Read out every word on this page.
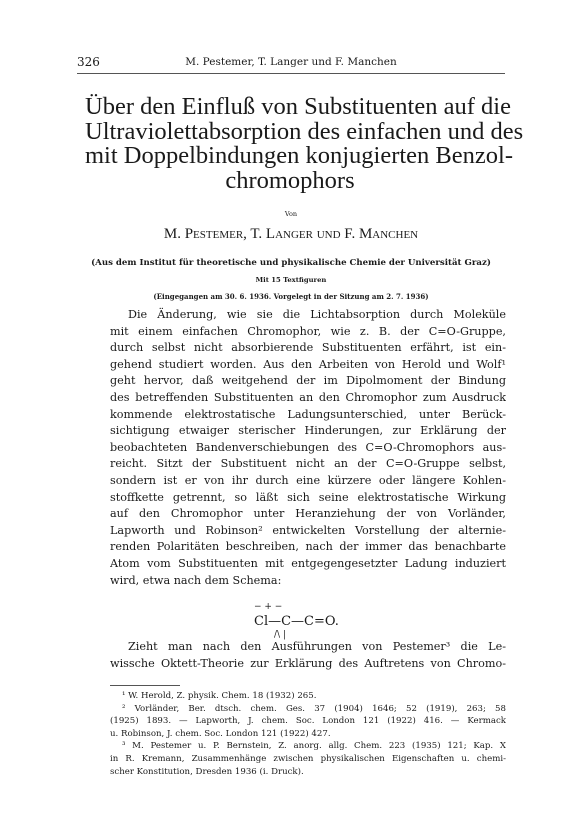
326	M. Pestemer, T. Langer und F. Manchen
Über den Einfluß von Substituenten auf die
Ultraviolettabsorption des einfachen und des
mit Doppelbindungen konjugierten Benzol-
chromophors
Von
M. Pestemer, T. Langer und F. Manchen
(Aus dem Institut für theoretische und physikalische Chemie der Universität Graz)
Mit 15 Textfiguren
(Eingegangen am 30. 6. 1936. Vorgelegt in der Sitzung am 2. 7. 1936)
Die Änderung, wie sie die Lichtabsorption durch Moleküle
mit einem einfachen Chromophor, wie z. B. der C=O-Gruppe,
durch selbst nicht absorbierende Substituenten erfährt, ist ein-
gehend studiert worden. Aus den Arbeiten von Herold und Wolf¹
geht hervor, daß weitgehend der im Dipolmoment der Bindung
des betreffenden Substituenten an den Chromophor zum Ausdruck
kommende elektrostatische Ladungsunterschied, unter Berück-
sichtigung etwaiger sterischer Hinderungen, zur Erklärung der
beobachteten Bandenverschiebungen des C=O-Chromophors aus-
reicht. Sitzt der Substituent nicht an der C=O-Gruppe selbst,
sondern ist er von ihr durch eine kürzere oder längere Kohlen-
stoffkette getrennt, so läßt sich seine elektrostatische Wirkung
auf den Chromophor unter Heranziehung der von Vorländer,
Lapworth und Robinson² entwickelten Vorstellung der alternie-
renden Polaritäten beschreiben, nach der immer das benachbarte
Atom vom Substituenten mit entgegengesetzter Ladung induziert
wird, etwa nach dem Schema:
− + −
Cl—C—C=O.
/\ |
Zieht man nach den Ausführungen von Pestemer³ die Le-
wissche Oktett-Theorie zur Erklärung des Auftretens von Chromo-
¹ W. Herold, Z. physik. Chem. 18 (1932) 265.
² Vorländer, Ber. dtsch. chem. Ges. 37 (1904) 1646; 52 (1919), 263; 58
(1925) 1893. — Lapworth, J. chem. Soc. London 121 (1922) 416. — Kermack
u. Robinson, J. chem. Soc. London 121 (1922) 427.
³ M. Pestemer u. P. Bernstein, Z. anorg. allg. Chem. 223 (1935) 121; Kap. X
in R. Kremann, Zusammenhänge zwischen physikalischen Eigenschaften u. chemi-
scher Konstitution, Dresden 1936 (i. Druck).
